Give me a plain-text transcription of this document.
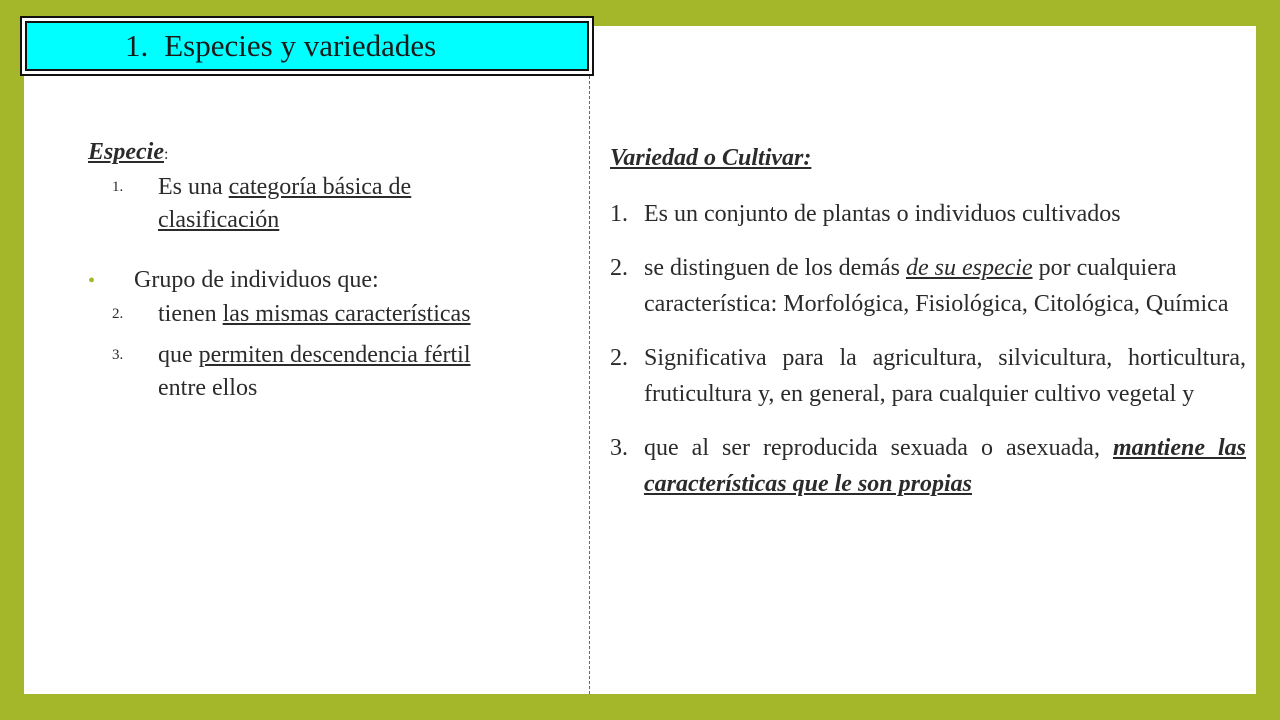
1. Especies y variedades
Especie:
1.	Es una categoría básica de clasificación
•	Grupo de individuos que:
2.	tienen las mismas características
3.	que permiten descendencia fértil entre ellos
Variedad o Cultivar:
1. Es un conjunto de plantas o individuos cultivados
2. se distinguen de los demás de su especie por cualquiera característica: Morfológica, Fisiológica, Citológica, Química
2. Significativa para la agricultura, silvicultura, horticultura, fruticultura y, en general, para cualquier cultivo vegetal y
3. que al ser reproducida sexuada o asexuada, mantiene las características que le son propias
